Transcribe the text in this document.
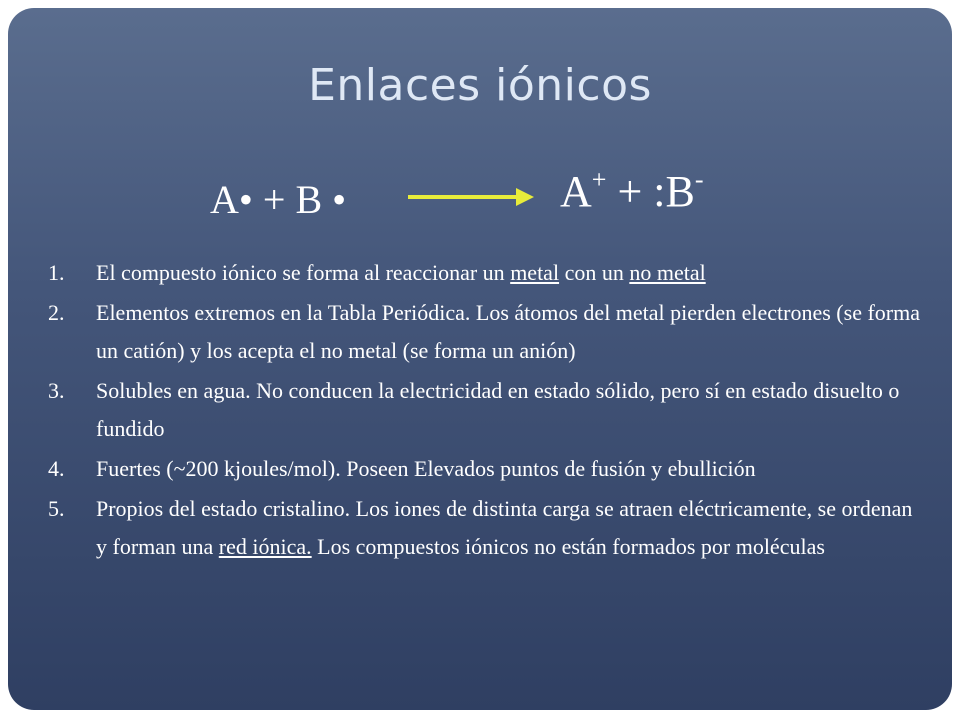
Enlaces iónicos
A• + B •	A+ + :B-
1. El compuesto iónico se forma al reaccionar un metal con un no metal
2. Elementos extremos en la Tabla Periódica. Los átomos del metal pierden electrones (se forma un catión) y los acepta el no metal (se forma un anión)
3. Solubles en agua. No conducen la electricidad en estado sólido, pero sí en estado disuelto o fundido
4. Fuertes (~200 kjoules/mol). Poseen Elevados puntos de fusión y ebullición
5. Propios del estado cristalino. Los iones de distinta carga se atraen eléctricamente, se ordenan y forman una red iónica. Los compuestos iónicos no están formados por moléculas
